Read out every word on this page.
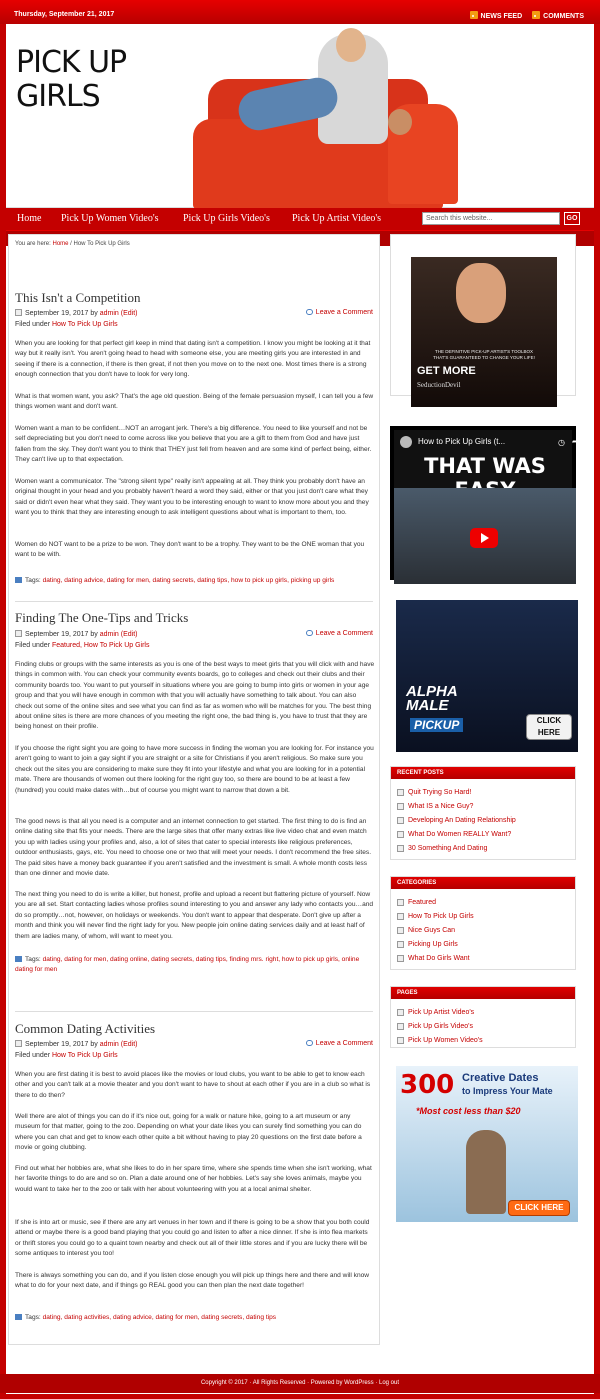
Thursday, September 21, 2017	NEWS FEED	COMMENTS
PICK UP
GIRLS
Home Pick Up Women Video's Pick Up Girls Video's Pick Up Artist Video's	Search this website...	GO
You are here: Home / How To Pick Up Girls
This Isn't a Competition
September 19, 2017 by admin (Edit)	Leave a Comment
Filed under How To Pick Up Girls
When you are looking for that perfect girl keep in mind that dating isn't a competition. I know you might be looking at it that way but it really isn't. You aren't going head to head with someone else, you are meeting girls you are interested in and seeing if there is a connection, if there is then great, if not then you move on to the next one. Most times there is a strong enough connection that you don't have to look for very long.
What is that women want, you ask? That's the age old question. Being of the female persuasion myself, I can tell you a few things women want and don't want.
Women want a man to be confident…NOT an arrogant jerk. There's a big difference. You need to like yourself and not be self depreciating but you don't need to come across like you believe that you are a gift to them from God and have just fallen from the sky. They don't want you to think that THEY just fell from heaven and are some kind of perfect being, either. They can't live up to that expectation.
Women want a communicator. The "strong silent type" really isn't appealing at all. They think you probably don't have an original thought in your head and you probably haven't heard a word they said, either or that you just don't care what they said or didn't even hear what they said. They want you to be interesting enough to want to know more about you and they want you to think that they are interesting enough to ask intelligent questions about what is important to them, too.
Women do NOT want to be a prize to be won. They don't want to be a trophy. They want to be the ONE woman that you want to be with.
Tags: dating, dating advice, dating for men, dating secrets, dating tips, how to pick up girls, picking up girls
Finding The One-Tips and Tricks
September 19, 2017 by admin (Edit)	Leave a Comment
Filed under Featured, How To Pick Up Girls
Finding clubs or groups with the same interests as you is one of the best ways to meet girls that you will click with and have things in common with. You can check your community events boards, go to colleges and check out their clubs and their community boards too. You want to put yourself in situations where you are going to bump into girls or women in your age group and that you will have enough in common with that you will actually have something to talk about. You can also check out some of the online sites and see what you can find as far as women who will be matches for you. The best thing about online sites is there are more chances of you meeting the right one, the bad thing is, you have to trust that they are being honest on their profile.
If you choose the right sight you are going to have more success in finding the woman you are looking for. For instance you aren't going to want to join a gay sight if you are straight or a site for Christians if you aren't religious. So make sure you check out the sites you are considering to make sure they fit into your lifestyle and what you are looking for in a potential mate. There are thousands of women out there looking for the right guy too, so there are bound to be at least a few (hundred) you could make dates with…but of course you might want to narrow that down a bit.
The good news is that all you need is a computer and an internet connection to get started. The first thing to do is find an online dating site that fits your needs. There are the large sites that offer many extras like live video chat and even match you up with ladies using your profiles and, also, a lot of sites that cater to special interests like religious preferences, outdoor enthusiasts, gays, etc. You need to choose one or two that will meet your needs. I don't recommend the free sites. The paid sites have a money back guarantee if you aren't satisfied and the investment is small. A whole month costs less than one dinner and movie date.
The next thing you need to do is write a killer, but honest, profile and upload a recent but flattering picture of yourself. Now you are all set. Start contacting ladies whose profiles sound interesting to you and answer any lady who contacts you…and do so promptly…not, however, on holidays or weekends. You don't want to appear that desperate. Don't give up after a month and think you will never find the right lady for you. New people join online dating services daily and at least half of them are ladies many, of whom, will want to meet you.
Tags: dating, dating for men, dating online, dating secrets, dating tips, finding mrs. right, how to pick up girls, online dating for men
Common Dating Activities
September 19, 2017 by admin (Edit)	Leave a Comment
Filed under How To Pick Up Girls
When you are first dating it is best to avoid places like the movies or loud clubs, you want to be able to get to know each other and you can't talk at a movie theater and you don't want to have to shout at each other if you are in a club so what is there to do then?
Well there are alot of things you can do if it's nice out, going for a walk or nature hike, going to a art museum or any museum for that matter, going to the zoo. Depending on what your date likes you can surely find something you can do where you can chat and get to know each other quite a bit without having to play 20 questions on the first date before a movie or going clubbing.
Find out what her hobbies are, what she likes to do in her spare time, where she spends time when she isn't working, what her favorite things to do are and so on. Plan a date around one of her hobbies. Let's say she loves animals, maybe you would want to take her to the zoo or talk with her about volunteering with you at a local animal shelter.
If she is into art or music, see if there are any art venues in her town and if there is going to be a show that you both could attend or maybe there is a good band playing that you could go and listen to after a nice dinner. If she is into flea markets or thrift stores you could go to a quaint town nearby and check out all of their little stores and if you are lucky there will be some antiques to interest you too!
There is always something you can do, and if you listen close enough you will pick up things here and there and will know what to do for your next date, and if things go REAL good you can then plan the next date together!
Tags: dating, dating activities, dating advice, dating for men, dating secrets, dating tips
THE DEFINITIVE PICK-UP ARTIST'S TOOLBOX
THAT'S GUARANTEED TO CHANGE YOUR LIFE!
GET MORE
SeductionDevil
How to Pick Up Girls (t...	◷ ➦
THAT WAS
ALPHA
MALE
PICKUP	CLICK HERE
RECENT POSTS
Quit Trying So Hard!
What IS a Nice Guy?
Developing An Dating Relationship
What Do Women REALLY Want?
30 Something And Dating
CATEGORIES
Featured
How To Pick Up Girls
Nice Guys Can
Picking Up Girls
What Do Girls Want
PAGES
Pick Up Artist Video's
Pick Up Girls Video's
Pick Up Women Video's
300 Creative Dates
to Impress Your Mate
*Most cost less than $20
CLICK HERE
Copyright © 2017 · All Rights Reserved · Powered by WordPress · Log out
